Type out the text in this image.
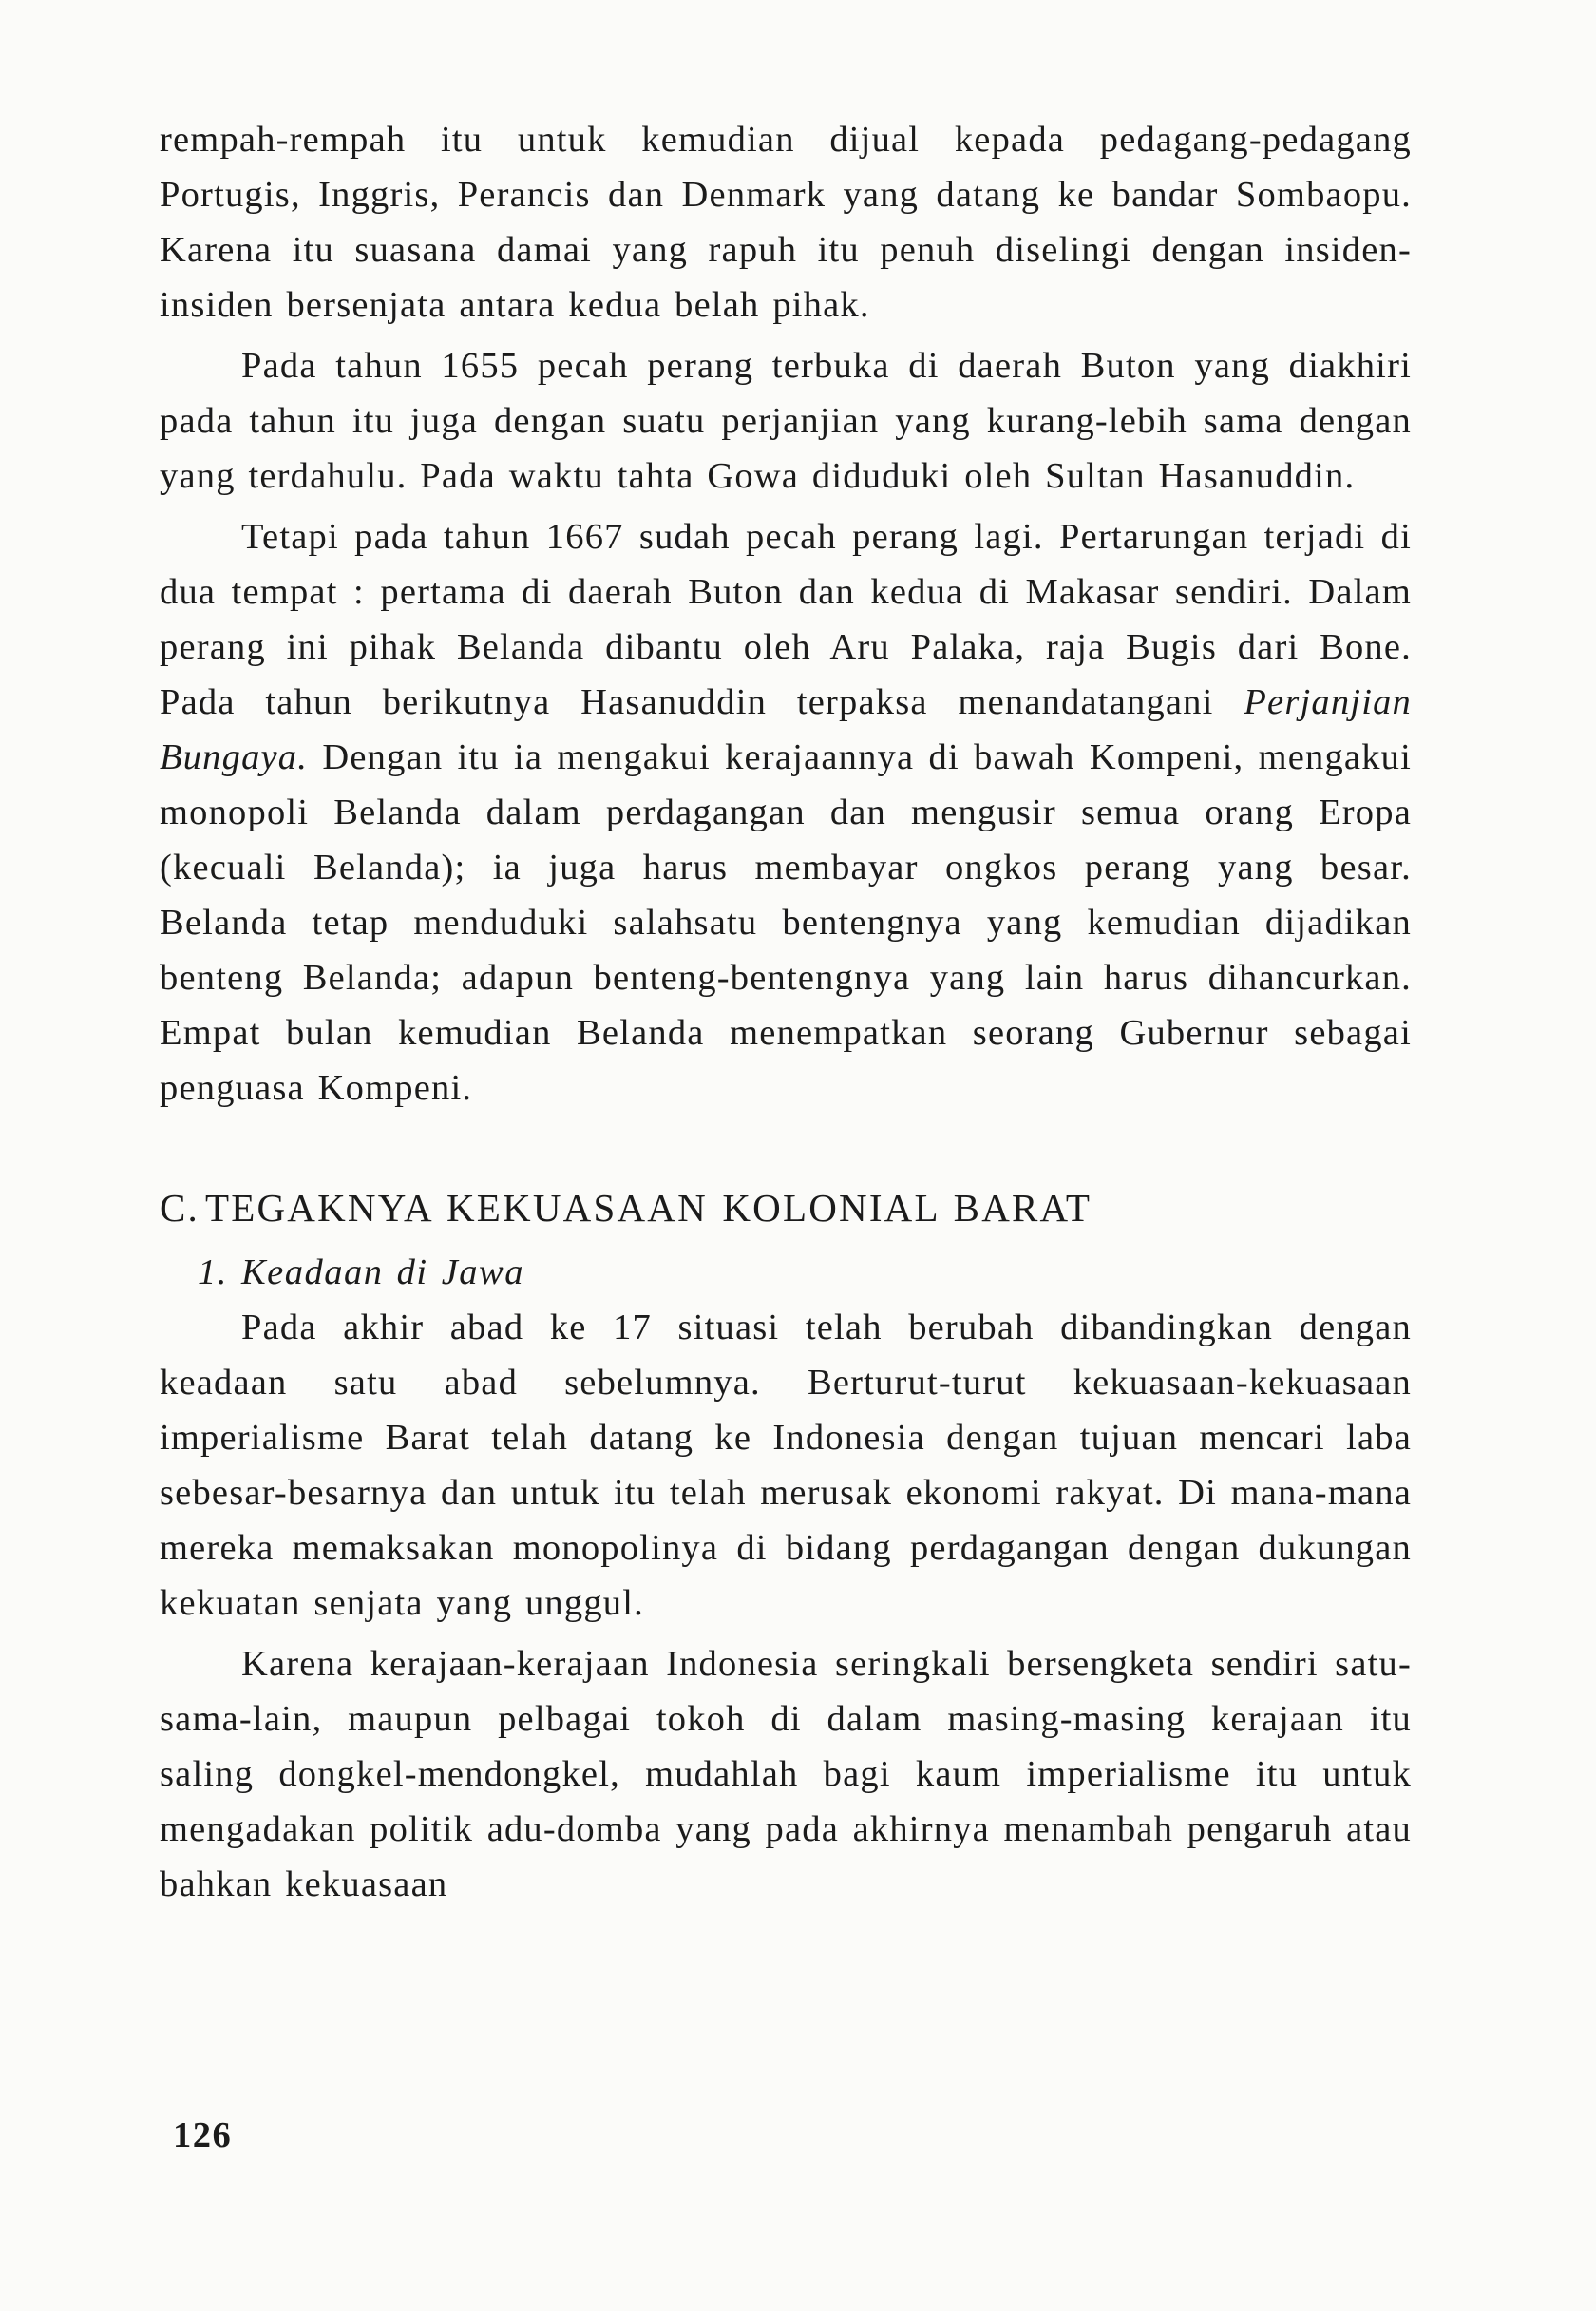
rempah-rempah itu untuk kemudian dijual kepada pedagang-pedagang Portugis, Inggris, Perancis dan Denmark yang datang ke bandar Sombaopu. Karena itu suasana damai yang rapuh itu penuh diselingi dengan insiden-insiden bersenjata antara kedua belah pihak.

Pada tahun 1655 pecah perang terbuka di daerah Buton yang diakhiri pada tahun itu juga dengan suatu perjanjian yang kurang-lebih sama dengan yang terdahulu. Pada waktu tahta Gowa diduduki oleh Sultan Hasanuddin.

Tetapi pada tahun 1667 sudah pecah perang lagi. Pertarungan terjadi di dua tempat : pertama di daerah Buton dan kedua di Makasar sendiri. Dalam perang ini pihak Belanda dibantu oleh Aru Palaka, raja Bugis dari Bone. Pada tahun berikutnya Hasanuddin terpaksa menandatangani Perjanjian Bungaya. Dengan itu ia mengakui kerajaannya di bawah Kompeni, mengakui monopoli Belanda dalam perdagangan dan mengusir semua orang Eropa (kecuali Belanda); ia juga harus membayar ongkos perang yang besar. Belanda tetap menduduki salahsatu bentengnya yang kemudian dijadikan benteng Belanda; adapun benteng-bentengnya yang lain harus dihancurkan. Empat bulan kemudian Belanda menempatkan seorang Gubernur sebagai penguasa Kompeni.

C. TEGAKNYA KEKUASAAN KOLONIAL BARAT
1. Keadaan di Jawa

Pada akhir abad ke 17 situasi telah berubah dibandingkan dengan keadaan satu abad sebelumnya. Berturut-turut kekuasaan-kekuasaan imperialisme Barat telah datang ke Indonesia dengan tujuan mencari laba sebesar-besarnya dan untuk itu telah merusak ekonomi rakyat. Di mana-mana mereka memaksakan monopolinya di bidang perdagangan dengan dukungan kekuatan senjata yang unggul.

Karena kerajaan-kerajaan Indonesia seringkali bersengketa sendiri satu-sama-lain, maupun pelbagai tokoh di dalam masing-masing kerajaan itu saling dongkel-mendongkel, mudahlah bagi kaum imperialisme itu untuk mengadakan politik adu-domba yang pada akhirnya menambah pengaruh atau bahkan kekuasaan

126
